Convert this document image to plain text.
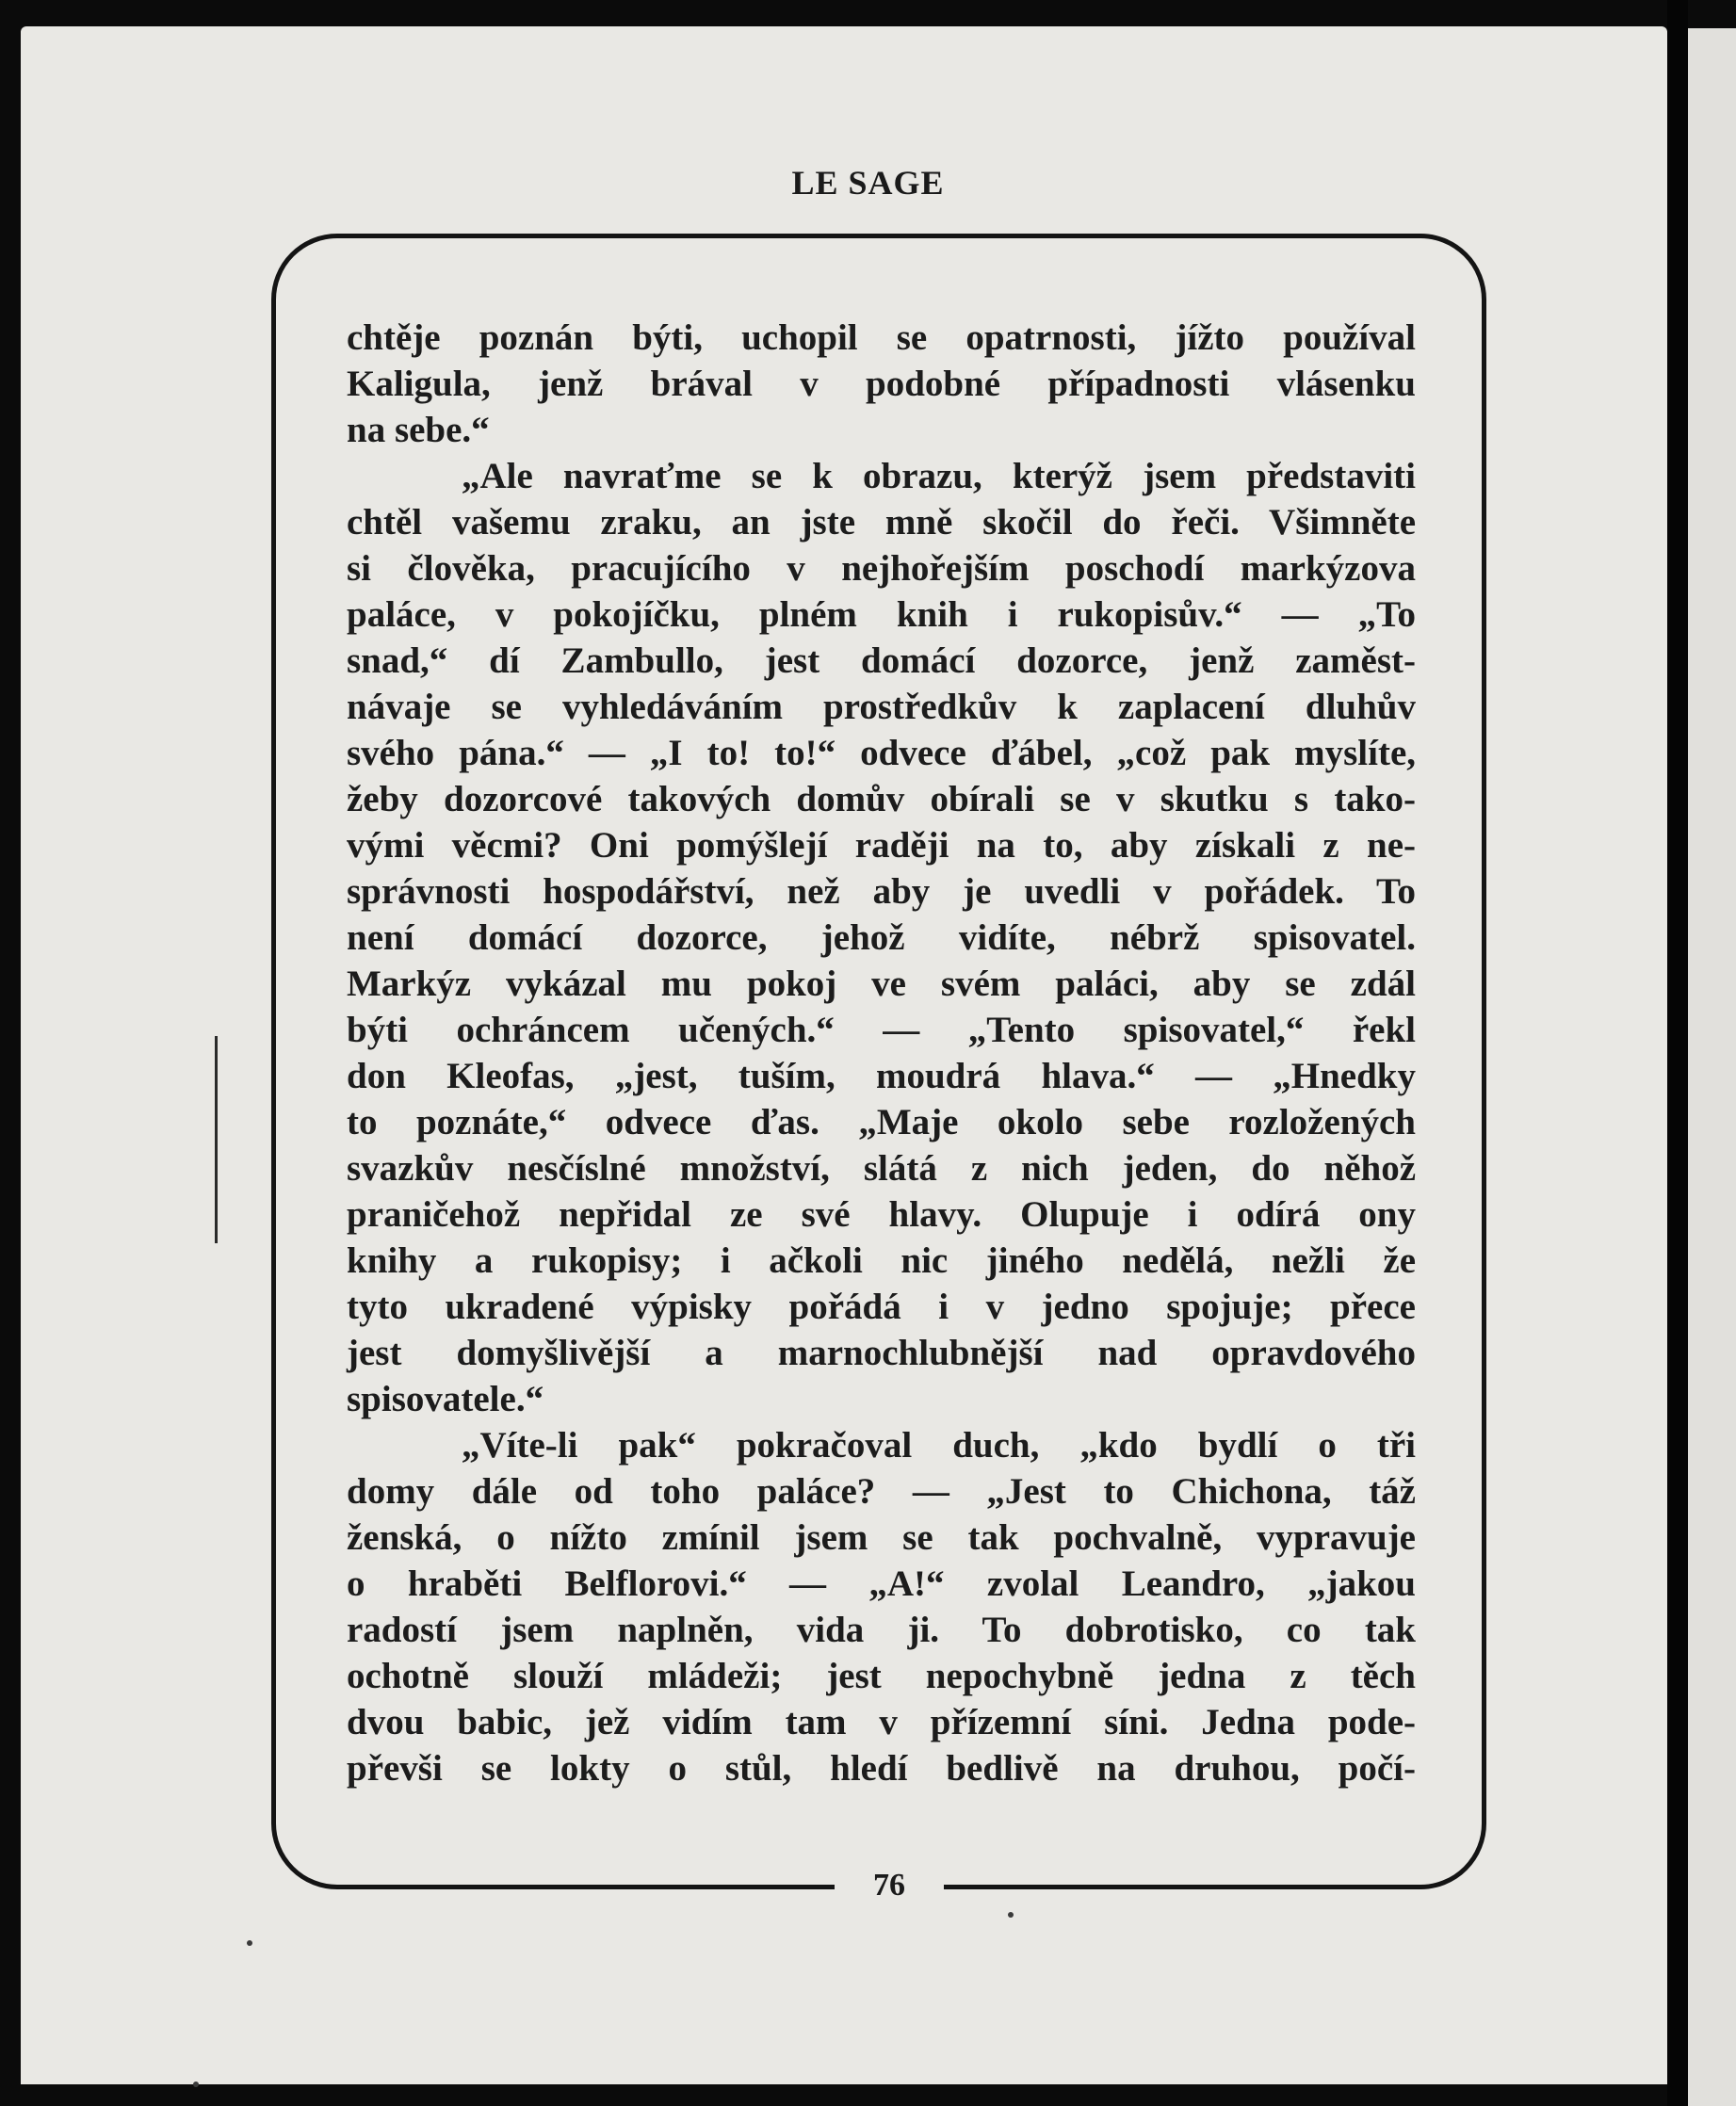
LE SAGE
chtěje poznán býti, uchopil se opatrnosti, jížto používal
Kaligula, jenž brával v podobné případnosti vlásenku
na sebe.“
„Ale navraťme se k obrazu, kterýž jsem představiti
chtěl vašemu zraku, an jste mně skočil do řeči. Všimněte
si člověka, pracujícího v nejhořejším poschodí markýzova
paláce, v pokojíčku, plném knih i rukopisův.“ — „To
snad,“ dí Zambullo, jest domácí dozorce, jenž zaměst-
návaje se vyhledáváním prostředkův k zaplacení dluhův
svého pána.“ — „I to! to!“ odvece ďábel, „což pak myslíte,
žeby dozorcové takových domův obírali se v skutku s tako-
vými věcmi? Oni pomýšlejí raději na to, aby získali z ne-
správnosti hospodářství, než aby je uvedli v pořádek. To
není domácí dozorce, jehož vidíte, nébrž spisovatel.
Markýz vykázal mu pokoj ve svém paláci, aby se zdál
býti ochráncem učených.“ — „Tento spisovatel,“ řekl
don Kleofas, „jest, tuším, moudrá hlava.“ — „Hnedky
to poznáte,“ odvece ďas. „Maje okolo sebe rozložených
svazkův nesčíslné množství, slátá z nich jeden, do něhož
praničehož nepřidal ze své hlavy. Olupuje i odírá ony
knihy a rukopisy; i ačkoli nic jiného nedělá, nežli že
tyto ukradené výpisky pořádá i v jedno spojuje; přece
jest domyšlivější a marnochlubnější nad opravdového
spisovatele.“
„Víte-li pak“ pokračoval duch, „kdo bydlí o tři
domy dále od toho paláce? — „Jest to Chichona, táž
ženská, o nížto zmínil jsem se tak pochvalně, vypravuje
o hraběti Belflorovi.“ — „A!“ zvolal Leandro, „jakou
radostí jsem naplněn, vida ji. To dobrotisko, co tak
ochotně slouží mládeži; jest nepochybně jedna z těch
dvou babic, jež vidím tam v přízemní síni. Jedna pode-
převši se lokty o stůl, hledí bedlivě na druhou, počí-
76
